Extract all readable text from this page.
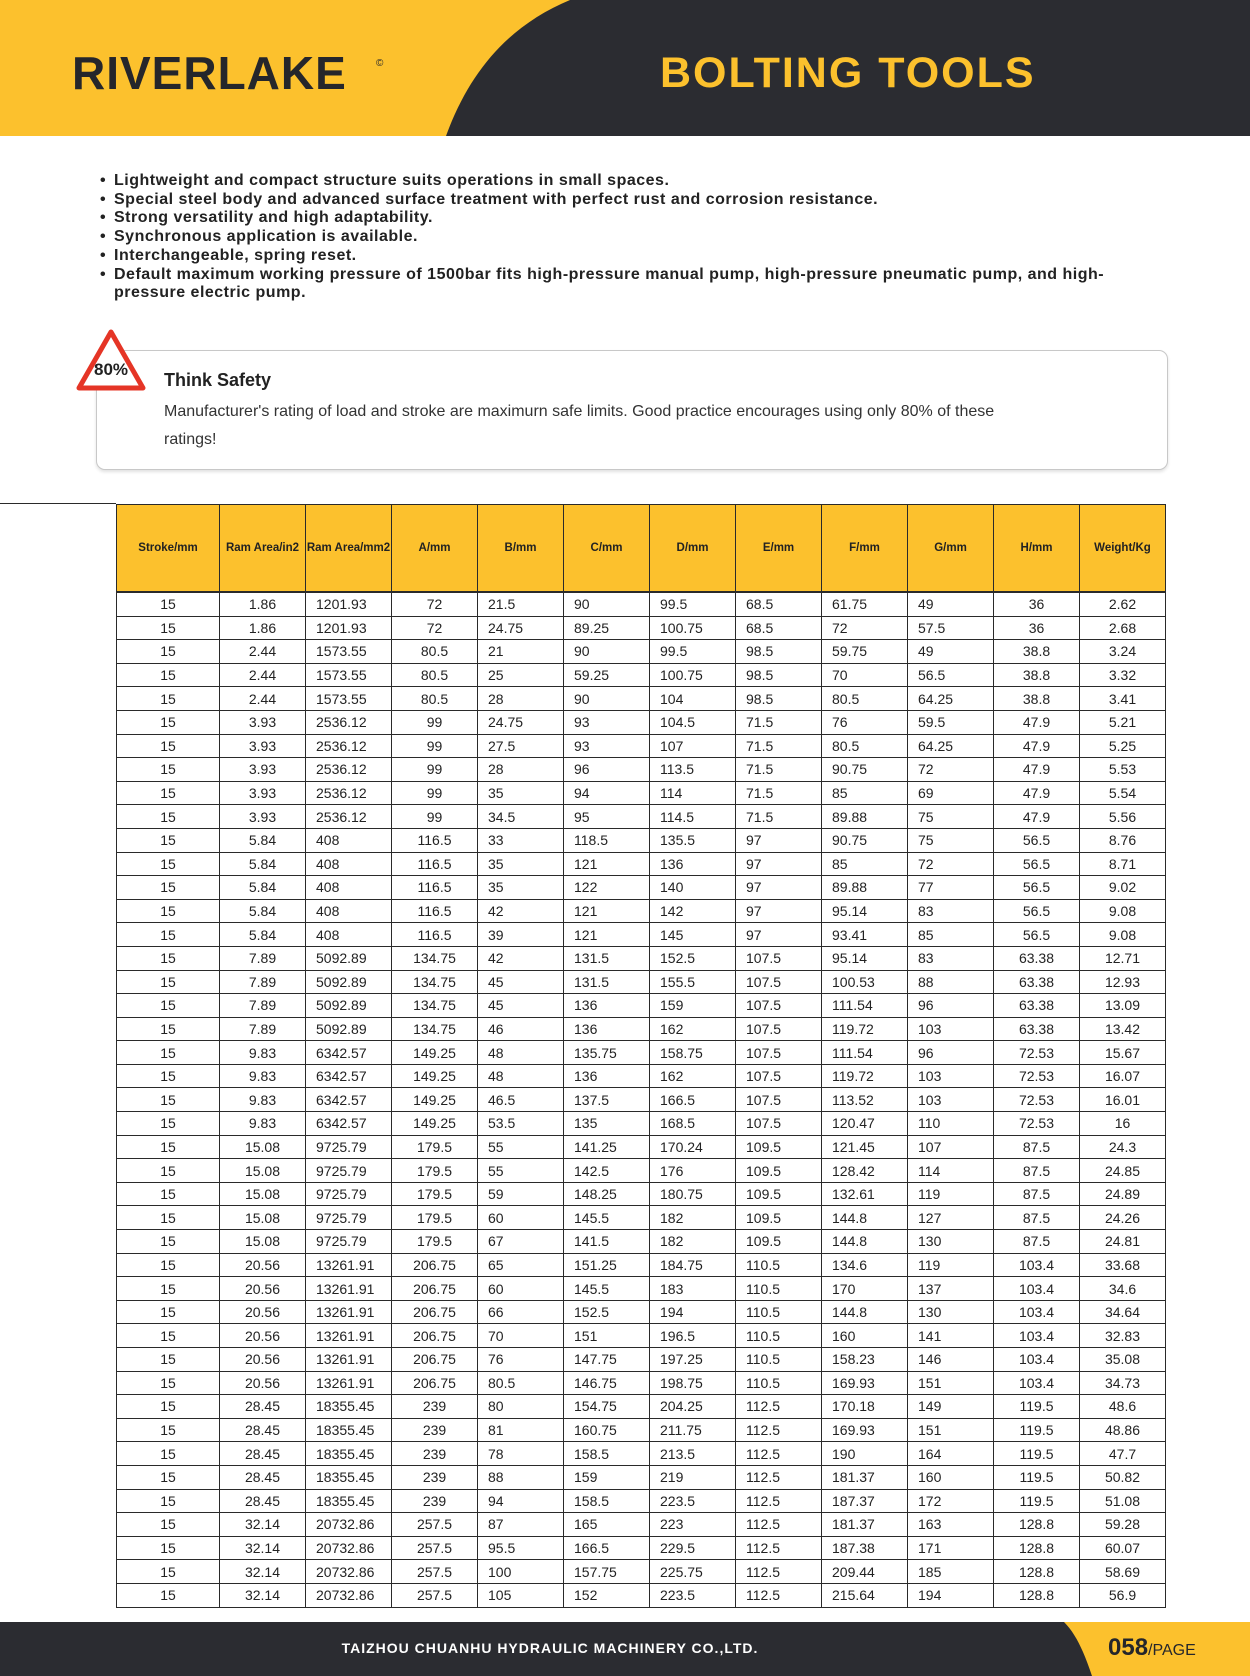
RIVERLAKE	©	BOLTING TOOLS
• Lightweight and compact structure suits operations in small spaces.
• Special steel body and advanced surface treatment with perfect rust and corrosion resistance.
• Strong versatility and high adaptability.
• Synchronous application is available.
• Interchangeable, spring reset.
• Default maximum working pressure of 1500bar fits high-pressure manual pump, high-pressure pneumatic pump, and high-pressure electric pump.
80%
Think Safety
Manufacturer's rating of load and stroke are maximurn safe limits. Good practice encourages using only 80% of these ratings!
Stroke/mm	Ram Area/in2	Ram Area/mm2	A/mm	B/mm	C/mm	D/mm	E/mm	F/mm	G/mm	H/mm	Weight/Kg
15	1.86	1201.93	72	21.5	90	99.5	68.5	61.75	49	36	2.62
15	1.86	1201.93	72	24.75	89.25	100.75	68.5	72	57.5	36	2.68
15	2.44	1573.55	80.5	21	90	99.5	98.5	59.75	49	38.8	3.24
15	2.44	1573.55	80.5	25	59.25	100.75	98.5	70	56.5	38.8	3.32
15	2.44	1573.55	80.5	28	90	104	98.5	80.5	64.25	38.8	3.41
15	3.93	2536.12	99	24.75	93	104.5	71.5	76	59.5	47.9	5.21
15	3.93	2536.12	99	27.5	93	107	71.5	80.5	64.25	47.9	5.25
15	3.93	2536.12	99	28	96	113.5	71.5	90.75	72	47.9	5.53
15	3.93	2536.12	99	35	94	114	71.5	85	69	47.9	5.54
15	3.93	2536.12	99	34.5	95	114.5	71.5	89.88	75	47.9	5.56
15	5.84	408	116.5	33	118.5	135.5	97	90.75	75	56.5	8.76
15	5.84	408	116.5	35	121	136	97	85	72	56.5	8.71
15	5.84	408	116.5	35	122	140	97	89.88	77	56.5	9.02
15	5.84	408	116.5	42	121	142	97	95.14	83	56.5	9.08
15	5.84	408	116.5	39	121	145	97	93.41	85	56.5	9.08
15	7.89	5092.89	134.75	42	131.5	152.5	107.5	95.14	83	63.38	12.71
15	7.89	5092.89	134.75	45	131.5	155.5	107.5	100.53	88	63.38	12.93
15	7.89	5092.89	134.75	45	136	159	107.5	111.54	96	63.38	13.09
15	7.89	5092.89	134.75	46	136	162	107.5	119.72	103	63.38	13.42
15	9.83	6342.57	149.25	48	135.75	158.75	107.5	111.54	96	72.53	15.67
15	9.83	6342.57	149.25	48	136	162	107.5	119.72	103	72.53	16.07
15	9.83	6342.57	149.25	46.5	137.5	166.5	107.5	113.52	103	72.53	16.01
15	9.83	6342.57	149.25	53.5	135	168.5	107.5	120.47	110	72.53	16
15	15.08	9725.79	179.5	55	141.25	170.24	109.5	121.45	107	87.5	24.3
15	15.08	9725.79	179.5	55	142.5	176	109.5	128.42	114	87.5	24.85
15	15.08	9725.79	179.5	59	148.25	180.75	109.5	132.61	119	87.5	24.89
15	15.08	9725.79	179.5	60	145.5	182	109.5	144.8	127	87.5	24.26
15	15.08	9725.79	179.5	67	141.5	182	109.5	144.8	130	87.5	24.81
15	20.56	13261.91	206.75	65	151.25	184.75	110.5	134.6	119	103.4	33.68
15	20.56	13261.91	206.75	60	145.5	183	110.5	170	137	103.4	34.6
15	20.56	13261.91	206.75	66	152.5	194	110.5	144.8	130	103.4	34.64
15	20.56	13261.91	206.75	70	151	196.5	110.5	160	141	103.4	32.83
15	20.56	13261.91	206.75	76	147.75	197.25	110.5	158.23	146	103.4	35.08
15	20.56	13261.91	206.75	80.5	146.75	198.75	110.5	169.93	151	103.4	34.73
15	28.45	18355.45	239	80	154.75	204.25	112.5	170.18	149	119.5	48.6
15	28.45	18355.45	239	81	160.75	211.75	112.5	169.93	151	119.5	48.86
15	28.45	18355.45	239	78	158.5	213.5	112.5	190	164	119.5	47.7
15	28.45	18355.45	239	88	159	219	112.5	181.37	160	119.5	50.82
15	28.45	18355.45	239	94	158.5	223.5	112.5	187.37	172	119.5	51.08
15	32.14	20732.86	257.5	87	165	223	112.5	181.37	163	128.8	59.28
15	32.14	20732.86	257.5	95.5	166.5	229.5	112.5	187.38	171	128.8	60.07
15	32.14	20732.86	257.5	100	157.75	225.75	112.5	209.44	185	128.8	58.69
15	32.14	20732.86	257.5	105	152	223.5	112.5	215.64	194	128.8	56.9
TAIZHOU CHUANHU HYDRAULIC MACHINERY CO.,LTD.	058/PAGE
